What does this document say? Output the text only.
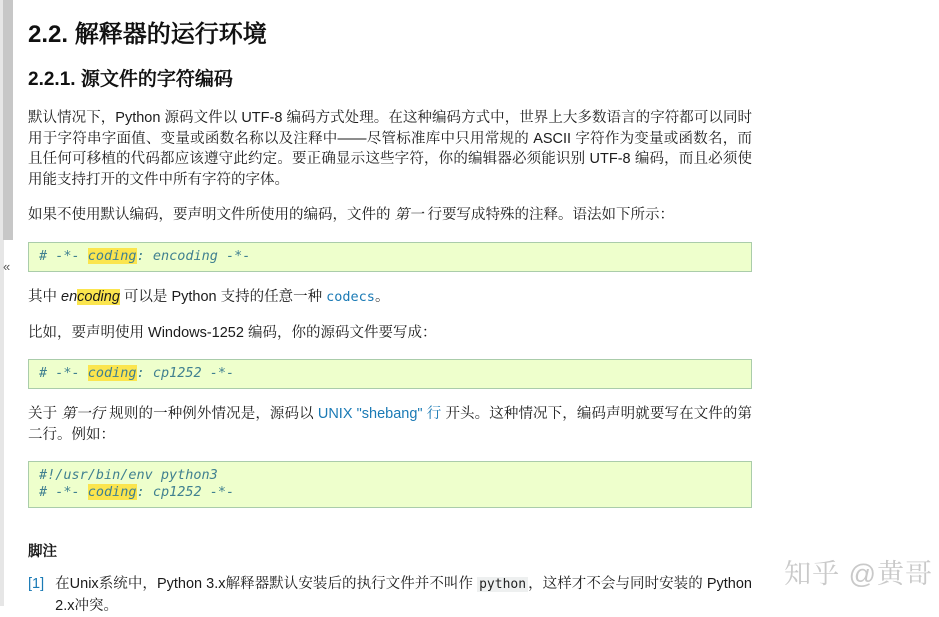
«
2.2. 解释器的运行环境
2.2.1. 源文件的字符编码

默认情况下，Python 源码文件以 UTF-8 编码方式处理。在这种编码方式中，世界上大多数语言的字符都可以同时用于字符串字面值、变量或函数名称以及注释中——尽管标准库中只用常规的 ASCII 字符作为变量或函数名，而且任何可移植的代码都应该遵守此约定。要正确显示这些字符，你的编辑器必须能识别 UTF-8 编码，而且必须使用能支持打开的文件中所有字符的字体。

如果不使用默认编码，要声明文件所使用的编码，文件的 第一 行要写成特殊的注释。语法如下所示：

# -*- coding: encoding -*-

其中 encoding 可以是 Python 支持的任意一种 codecs。

比如，要声明使用 Windows-1252 编码，你的源码文件要写成：

# -*- coding: cp1252 -*-

关于 第一行 规则的一种例外情况是，源码以 UNIX "shebang" 行 开头。这种情况下，编码声明就要写在文件的第二行。例如：

#!/usr/bin/env python3
# -*- coding: cp1252 -*-

脚注

[1] 在Unix系统中，Python 3.x解释器默认安装后的执行文件并不叫作 python ，这样才不会与同时安装的 Python 2.x冲突。
知乎 @黄哥
